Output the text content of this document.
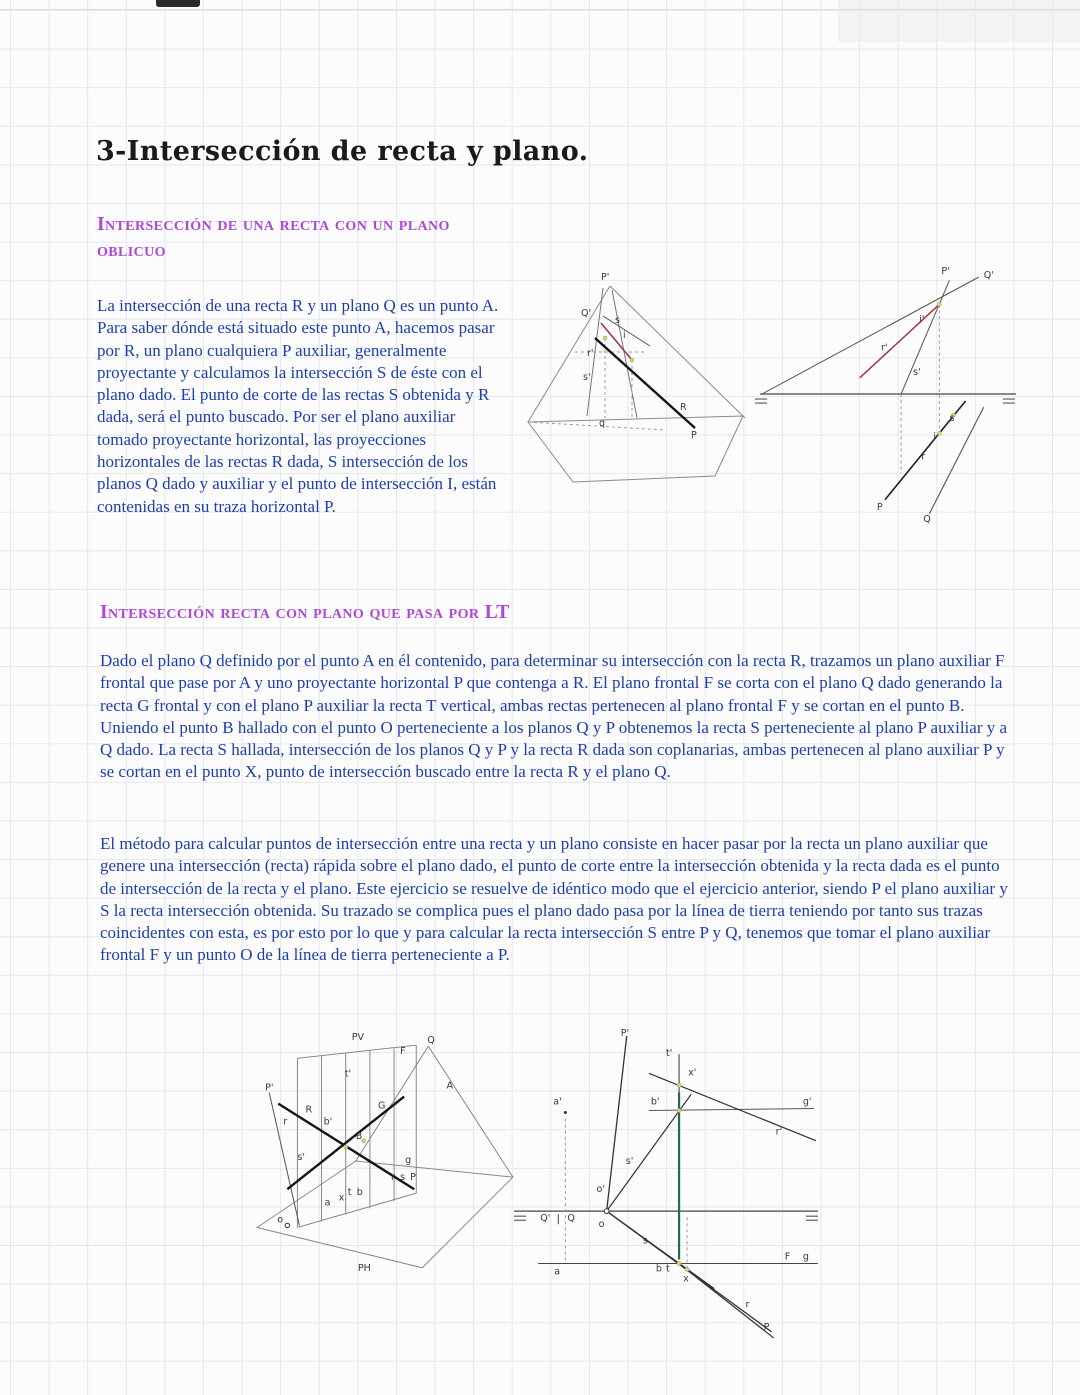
3-Intersección de recta y plano.
Intersección de una recta con un plano oblicuo

La intersección de una recta R y un plano Q es un punto A. Para saber dónde está situado este punto A, hacemos pasar por R, un plano cualquiera P auxiliar, generalmente proyectante y calculamos la intersección S de éste con el plano dado. El punto de corte de las rectas S obtenida y R dada, será el punto buscado. Por ser el plano auxiliar tomado proyectante horizontal, las proyecciones horizontales de las rectas R dada, S intersección de los planos Q dado y auxiliar y el punto de intersección I, están contenidas en su traza horizontal P.

P'
Q'
s
i
r'
s'
R
q
P
P'	Q'
i'
r'
s'
s
i
r
P
Q
Intersección recta con plano que pasa por LT

Dado el plano Q definido por el punto A en él contenido, para determinar su intersección con la recta R, trazamos un plano auxiliar F frontal que pase por A y uno proyectante horizontal P que contenga a R. El plano frontal F se corta con el plano Q dado generando la recta G frontal y con el plano P auxiliar la recta T vertical, ambas rectas pertenecen al plano frontal F y se cortan en el punto B. Uniendo el punto B hallado con el punto O perteneciente a los planos Q y P obtenemos la recta S perteneciente al plano P auxiliar y a Q dado. La recta S hallada, intersección de los planos Q y P y la recta R dada son coplanarias, ambas pertenecen al plano auxiliar P y se cortan en el punto X, punto de intersección buscado entre la recta R y el plano Q.

El método para calcular puntos de intersección entre una recta y un plano consiste en hacer pasar por la recta un plano auxiliar que genere una intersección (recta) rápida sobre el plano dado, el punto de corte entre la intersección obtenida y la recta dada es el punto de intersección de la recta y el plano. Este ejercicio se resuelve de idéntico modo que el ejercicio anterior, siendo P el plano auxiliar y S la recta intersección obtenida. Su trazado se complica pues el plano dado pasa por la línea de tierra teniendo por tanto sus trazas coincidentes con esta, es por esto por lo que y para calcular la recta intersección S entre P y Q, tenemos que tomar el plano auxiliar frontal F y un punto O de la línea de tierra perteneciente a P.

PV
F
Q
t'
P'
G
A
R
B
b'
r
s'	g
r s P
t b
x
a
o
PH
P'
t'
x'
a'	b'	g'
r'
s'
o'
Q' Q
o
s
a	b t
x
F g
r
P
